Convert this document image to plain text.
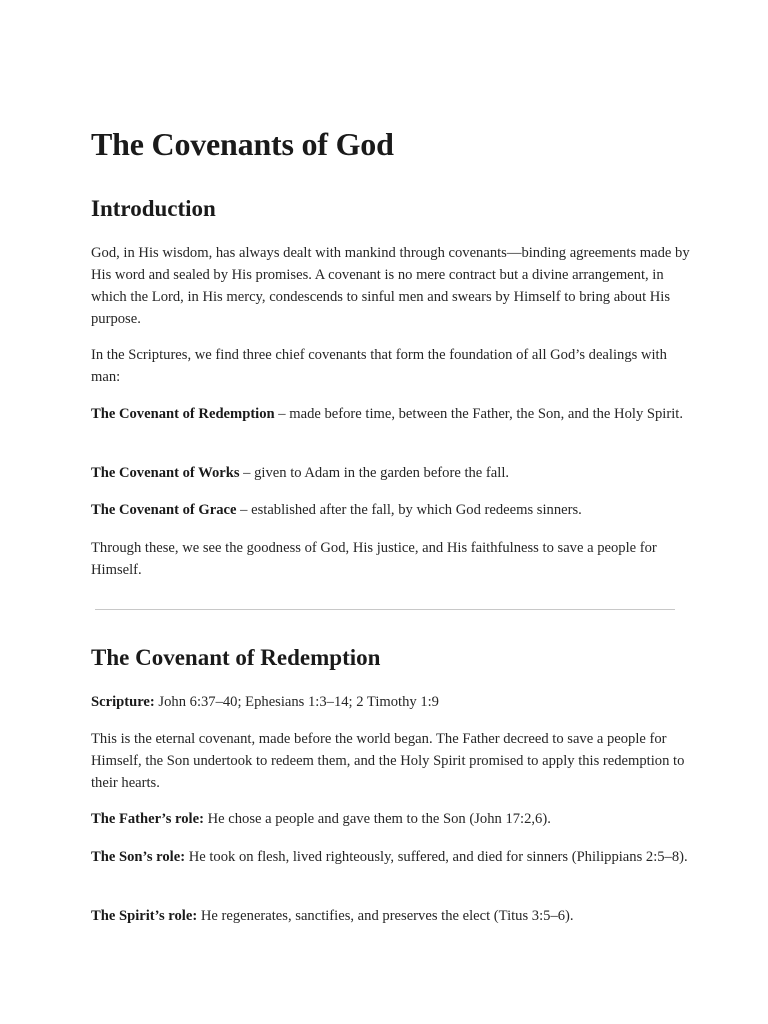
The Covenants of God
Introduction

God, in His wisdom, has always dealt with mankind through covenants—binding agreements made by His word and sealed by His promises. A covenant is no mere contract but a divine arrangement, in which the Lord, in His mercy, condescends to sinful men and swears by Himself to bring about His purpose.

In the Scriptures, we find three chief covenants that form the foundation of all God’s dealings with man:

The Covenant of Redemption – made before time, between the Father, the Son, and the Holy Spirit.

The Covenant of Works – given to Adam in the garden before the fall.

The Covenant of Grace – established after the fall, by which God redeems sinners.

Through these, we see the goodness of God, His justice, and His faithfulness to save a people for Himself.

The Covenant of Redemption

Scripture: John 6:37–40; Ephesians 1:3–14; 2 Timothy 1:9

This is the eternal covenant, made before the world began. The Father decreed to save a people for Himself, the Son undertook to redeem them, and the Holy Spirit promised to apply this redemption to their hearts.

The Father’s role: He chose a people and gave them to the Son (John 17:2,6).

The Son’s role: He took on flesh, lived righteously, suffered, and died for sinners (Philippians 2:5–8).

The Spirit’s role: He regenerates, sanctifies, and preserves the elect (Titus 3:5–6).
